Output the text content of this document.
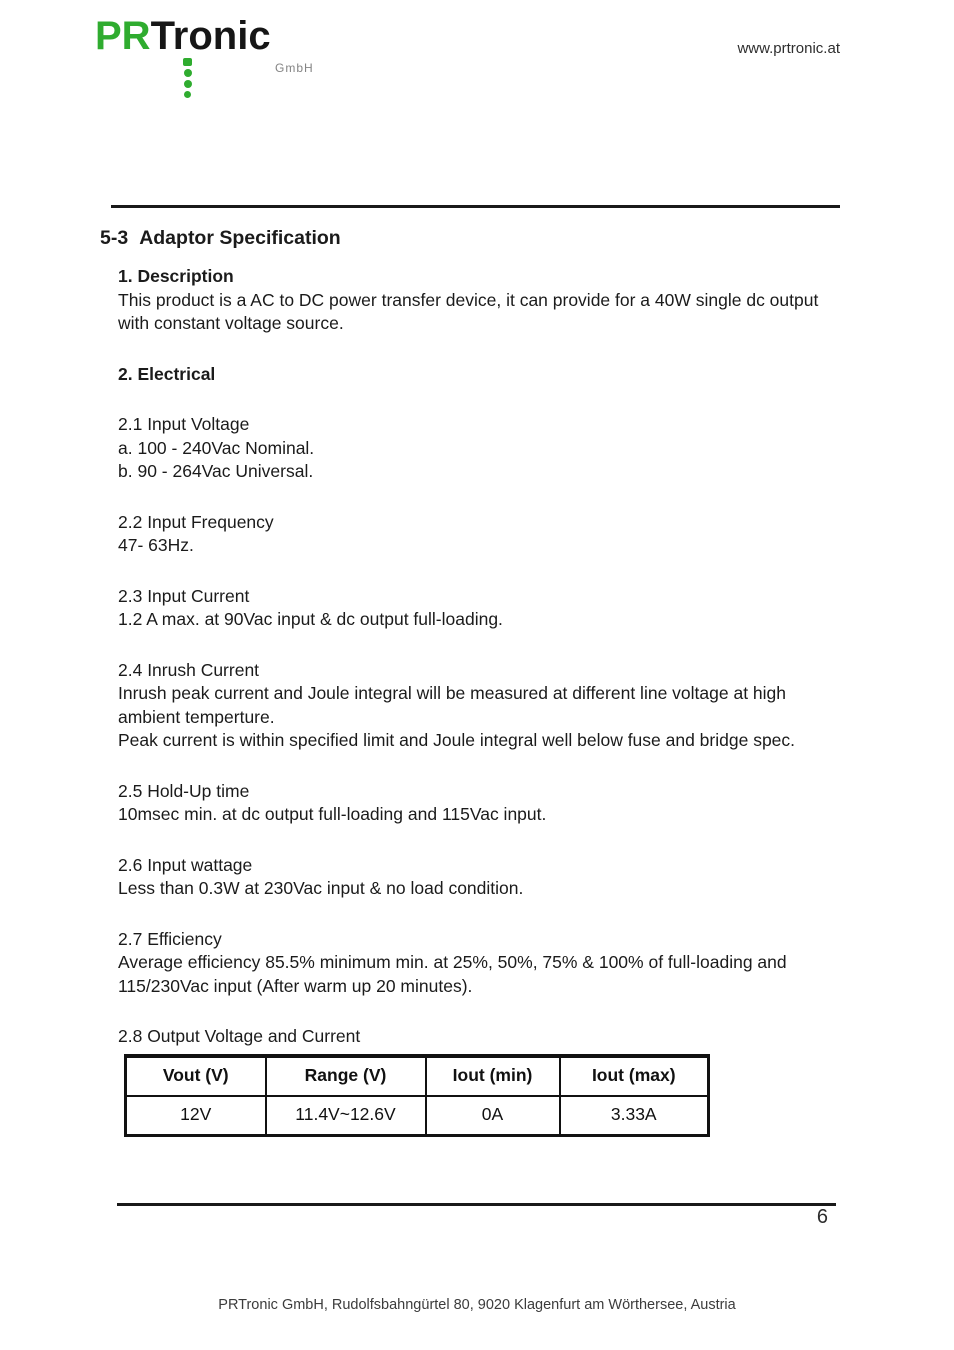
PRTronic
GmbH
www.prtronic.at
5-3 Adaptor Specification
1. Description
This product is a AC to DC power transfer device, it can provide for a 40W single dc output with constant voltage source.
2. Electrical
2.1 Input Voltage
a. 100 - 240Vac Nominal.
b. 90 - 264Vac Universal.
2.2 Input Frequency
47- 63Hz.
2.3 Input Current
1.2 A max. at 90Vac input & dc output full-loading.
2.4 Inrush Current
Inrush peak current and Joule integral will be measured at different line voltage at high ambient temperture.
Peak current is within specified limit and Joule integral well below fuse and bridge spec.
2.5 Hold-Up time
10msec min. at dc output full-loading and 115Vac input.
2.6 Input wattage
Less than 0.3W at 230Vac input & no load condition.
2.7 Efficiency
Average efficiency 85.5% minimum min. at 25%, 50%, 75% & 100% of full-loading and 115/230Vac input (After warm up 20 minutes).
2.8 Output Voltage and Current
Vout (V)	Range (V)	Iout (min)	Iout (max)
12V	11.4V~12.6V	0A	3.33A
6
PRTronic GmbH, Rudolfsbahngürtel 80, 9020 Klagenfurt am Wörthersee, Austria
